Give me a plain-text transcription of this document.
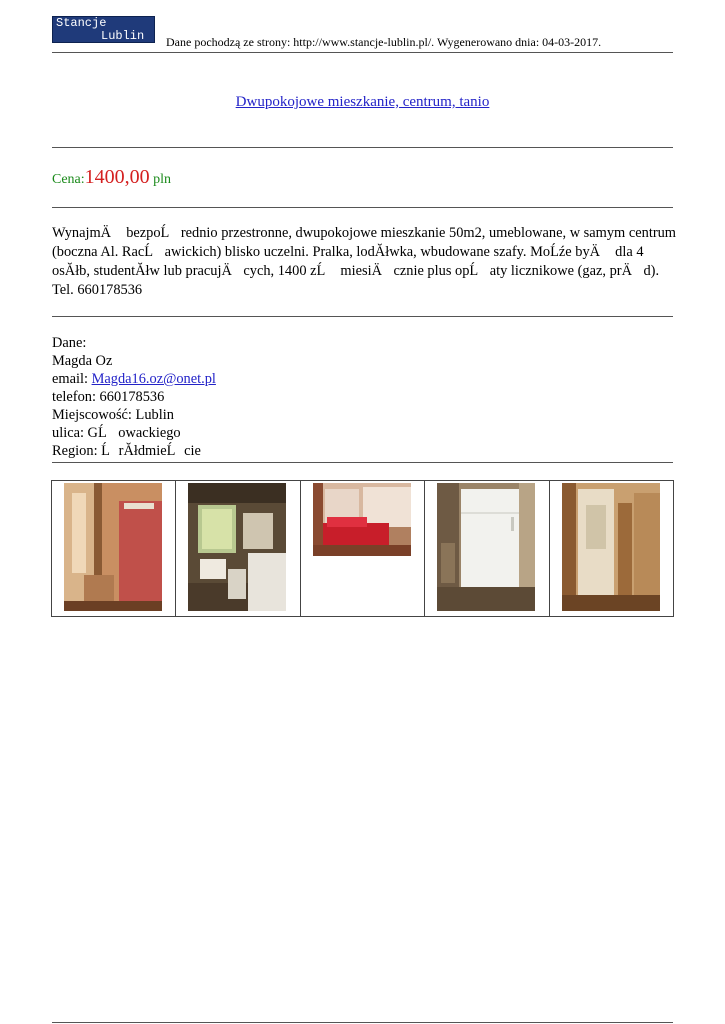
Stancje
Lublin Dane pochodzą ze strony: http://www.stancje-lublin.pl/. Wygenerowano dnia: 04-03-2017.
Dwupokojowe mieszkanie, centrum, tanio
Cena:1400,00 pln
WynajmÄ bezpoĹrednio przestronne, dwupokojowe mieszkanie 50m2, umeblowane, w samym centrum (boczna Al. RacĹawickich) blisko uczelni. Pralka, lodĂłwka, wbudowane szafy. MoĹźe byÄ dla 4 osĂłb, studentĂłw lub pracujÄcych, 1400 zĹ miesiÄcznie plus opĹaty licznikowe (gaz, prÄd). Tel. 660178536
Dane:
Magda Oz
email: Magda16.oz@onet.pl
telefon: 660178536
Miejscowość: Lublin
ulica: GĹowackiego
Region: ĹrĂłdmieĹcie
